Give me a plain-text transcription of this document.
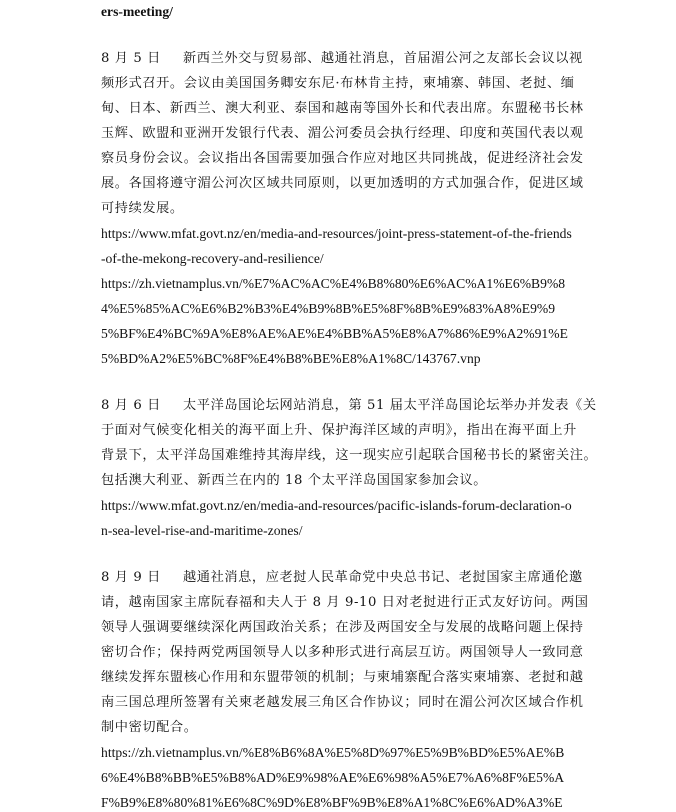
ers-meeting/
8 月 5 日 新西兰外交与贸易部、越通社消息，首届湄公河之友部长会议以视
频形式召开。会议由美国国务卿安东尼·布林肯主持，柬埔寨、韩国、老挝、缅
甸、日本、新西兰、澳大利亚、泰国和越南等国外长和代表出席。东盟秘书长林
玉辉、欧盟和亚洲开发银行代表、湄公河委员会执行经理、印度和英国代表以观
察员身份会议。会议指出各国需要加强合作应对地区共同挑战，促进经济社会发
展。各国将遵守湄公河次区域共同原则，以更加透明的方式加强合作，促进区域
可持续发展。
https://www.mfat.govt.nz/en/media-and-resources/joint-press-statement-of-the-friends
-of-the-mekong-recovery-and-resilience/
https://zh.vietnamplus.vn/%E7%AC%AC%E4%B8%80%E6%AC%A1%E6%B9%8
4%E5%85%AC%E6%B2%B3%E4%B9%8B%E5%8F%8B%E9%83%A8%E9%9
5%BF%E4%BC%9A%E8%AE%AE%E4%BB%A5%E8%A7%86%E9%A2%91%E
5%BD%A2%E5%BC%8F%E4%B8%BE%E8%A1%8C/143767.vnp
8 月 6 日 太平洋岛国论坛网站消息，第 51 届太平洋岛国论坛举办并发表《关
于面对气候变化相关的海平面上升、保护海洋区域的声明》，指出在海平面上升
背景下，太平洋岛国难维持其海岸线，这一现实应引起联合国秘书长的紧密关注。
包括澳大利亚、新西兰在内的 18 个太平洋岛国国家参加会议。
https://www.mfat.govt.nz/en/media-and-resources/pacific-islands-forum-declaration-o
n-sea-level-rise-and-maritime-zones/
8 月 9 日 越通社消息，应老挝人民革命党中央总书记、老挝国家主席通伦邀
请，越南国家主席阮春福和夫人于 8 月 9-10 日对老挝进行正式友好访问。两国
领导人强调要继续深化两国政治关系；在涉及两国安全与发展的战略问题上保持
密切合作；保持两党两国领导人以多种形式进行高层互访。两国领导人一致同意
继续发挥东盟核心作用和东盟带领的机制；与柬埔寨配合落实柬埔寨、老挝和越
南三国总理所签署有关柬老越发展三角区合作协议；同时在湄公河次区域合作机
制中密切配合。
https://zh.vietnamplus.vn/%E8%B6%8A%E5%8D%97%E5%9B%BD%E5%AE%B
6%E4%B8%BB%E5%B8%AD%E9%98%AE%E6%98%A5%E7%A6%8F%E5%A
F%B9%E8%80%81%E6%8C%9D%E8%BF%9B%E8%A1%8C%E6%AD%A3%E
